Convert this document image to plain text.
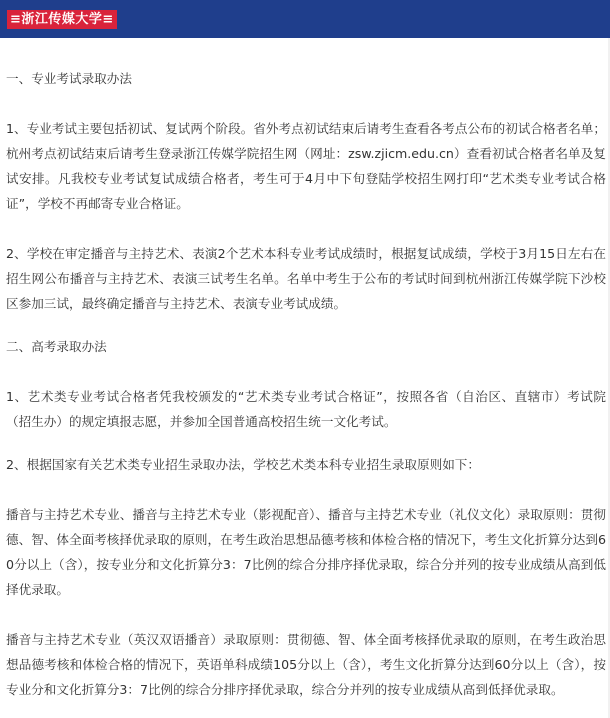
≡浙江传媒大学≡

一、专业考试录取办法

1、专业考试主要包括初试、复试两个阶段。省外考点初试结束后请考生查看各考点公布的初试合格者名单；杭州考点初试结束后请考生登录浙江传媒学院招生网（网址：zsw.zjicm.edu.cn）查看初试合格者名单及复试安排。凡我校专业考试复试成绩合格者，考生可于4月中下旬登陆学校招生网打印“艺术类专业考试合格证”，学校不再邮寄专业合格证。

2、学校在审定播音与主持艺术、表演2个艺术本科专业考试成绩时，根据复试成绩，学校于3月15日左右在招生网公布播音与主持艺术、表演三试考生名单。名单中考生于公布的考试时间到杭州浙江传媒学院下沙校区参加三试，最终确定播音与主持艺术、表演专业考试成绩。

二、高考录取办法

1、艺术类专业考试合格者凭我校颁发的“艺术类专业考试合格证”，按照各省（自治区、直辖市）考试院（招生办）的规定填报志愿，并参加全国普通高校招生统一文化考试。

2、根据国家有关艺术类专业招生录取办法，学校艺术类本科专业招生录取原则如下：

播音与主持艺术专业、播音与主持艺术专业（影视配音）、播音与主持艺术专业（礼仪文化）录取原则：贯彻德、智、体全面考核择优录取的原则，在考生政治思想品德考核和体检合格的情况下，考生文化折算分达到60分以上（含），按专业分和文化折算分3：7比例的综合分排序择优录取，综合分并列的按专业成绩从高到低择优录取。

播音与主持艺术专业（英汉双语播音）录取原则：贯彻德、智、体全面考核择优录取的原则，在考生政治思想品德考核和体检合格的情况下，英语单科成绩105分以上（含），考生文化折算分达到60分以上（含），按专业分和文化折算分3：7比例的综合分排序择优录取，综合分并列的按专业成绩从高到低择优录取。
